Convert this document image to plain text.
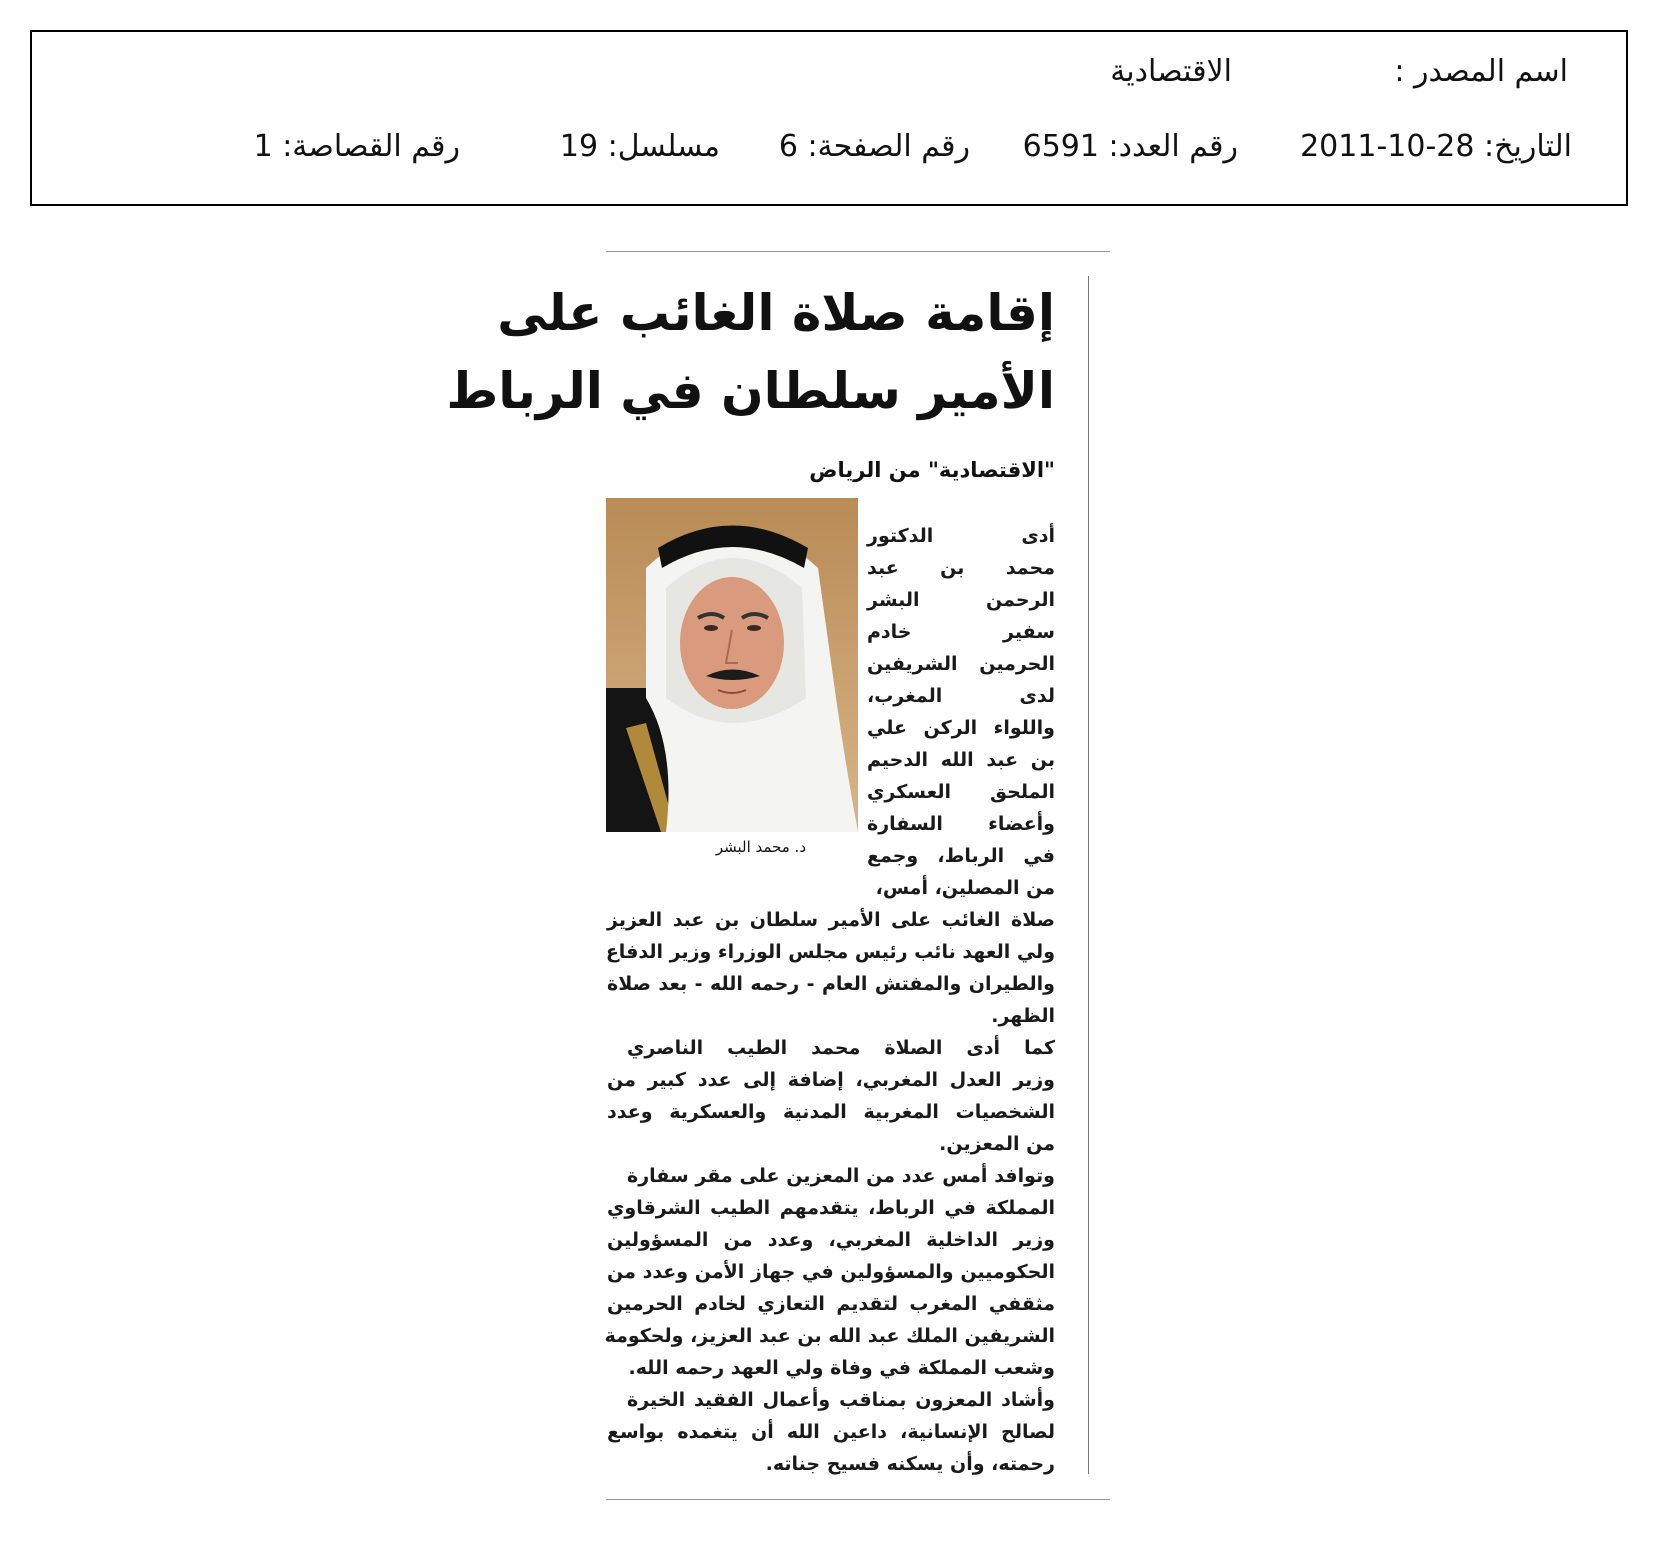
اسم المصدر :
الاقتصادية
التاريخ: 28-10-2011
رقم العدد: 6591
رقم الصفحة: 6
مسلسل: 19
رقم القصاصة: 1
إقامة صلاة الغائب على
الأمير سلطان في الرباط
"الاقتصادية" من الرياض
د. محمد البشر
أدى الدكتور
محمد بن عبد
الرحمن البشر
سفير خادم
الحرمين الشريفين
لدى المغرب،
واللواء الركن علي
بن عبد الله الدحيم
الملحق العسكري
وأعضاء السفارة
في الرباط، وجمع
من المصلين، أمس،
صلاة الغائب على الأمير سلطان بن عبد العزيز
ولي العهد نائب رئيس مجلس الوزراء وزير الدفاع
والطيران والمفتش العام - رحمه الله - بعد صلاة
الظهر.
كما أدى الصلاة محمد الطيب الناصري
وزير العدل المغربي، إضافة إلى عدد كبير من
الشخصيات المغربية المدنية والعسكرية وعدد
من المعزين.
وتوافد أمس عدد من المعزين على مقر سفارة
المملكة في الرباط، يتقدمهم الطيب الشرقاوي
وزير الداخلية المغربي، وعدد من المسؤولين
الحكوميين والمسؤولين في جهاز الأمن وعدد من
مثقفي المغرب لتقديم التعازي لخادم الحرمين
الشريفين الملك عبد الله بن عبد العزيز، ولحكومة
وشعب المملكة في وفاة ولي العهد رحمه الله.
وأشاد المعزون بمناقب وأعمال الفقيد الخيرة
لصالح الإنسانية، داعين الله أن يتغمده بواسع
رحمته، وأن يسكنه فسيح جناته.
